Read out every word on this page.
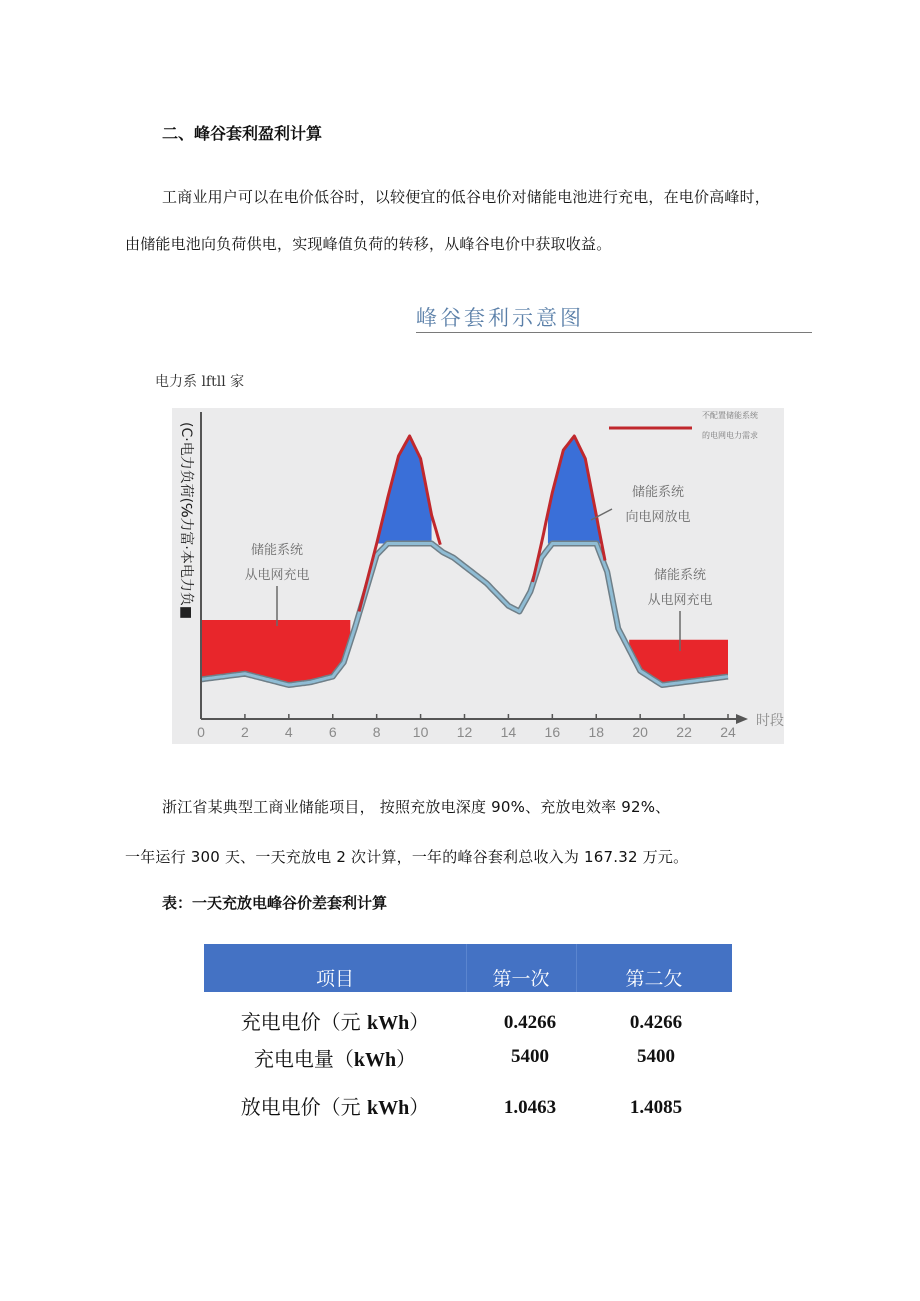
二、峰谷套利盈利计算
工商业用户可以在电价低谷时，以较便宜的低谷电价对储能电池进行充电，在电价高峰时，
由储能电池向负荷供电，实现峰值负荷的转移，从峰谷电价中获取收益。
峰谷套利示意图
电力系 lftll 家
0	2	4	6	8 10 12 14 16 18 20 22 24
时段
(C·电力负荷(℅力富·本电力负■
不配置储能系统
的电网电力需求
储能系统
从电网充电
储能系统
向电网放电
储能系统
从电网充电
浙江省某典型工商业储能项目， 按照充放电深度 90%、充放电效率 92%、
一年运行 300 天、一天充放电 2 次计算，一年的峰谷套利总收入为 167.32 万元。
表：一天充放电峰谷价差套利计算
项目	第一次	第二欠
充电电价（元 kWh）	0.4266	0.4266
充电电量（kWh）	5400	5400
放电电价（元 kWh）	1.0463	1.4085
